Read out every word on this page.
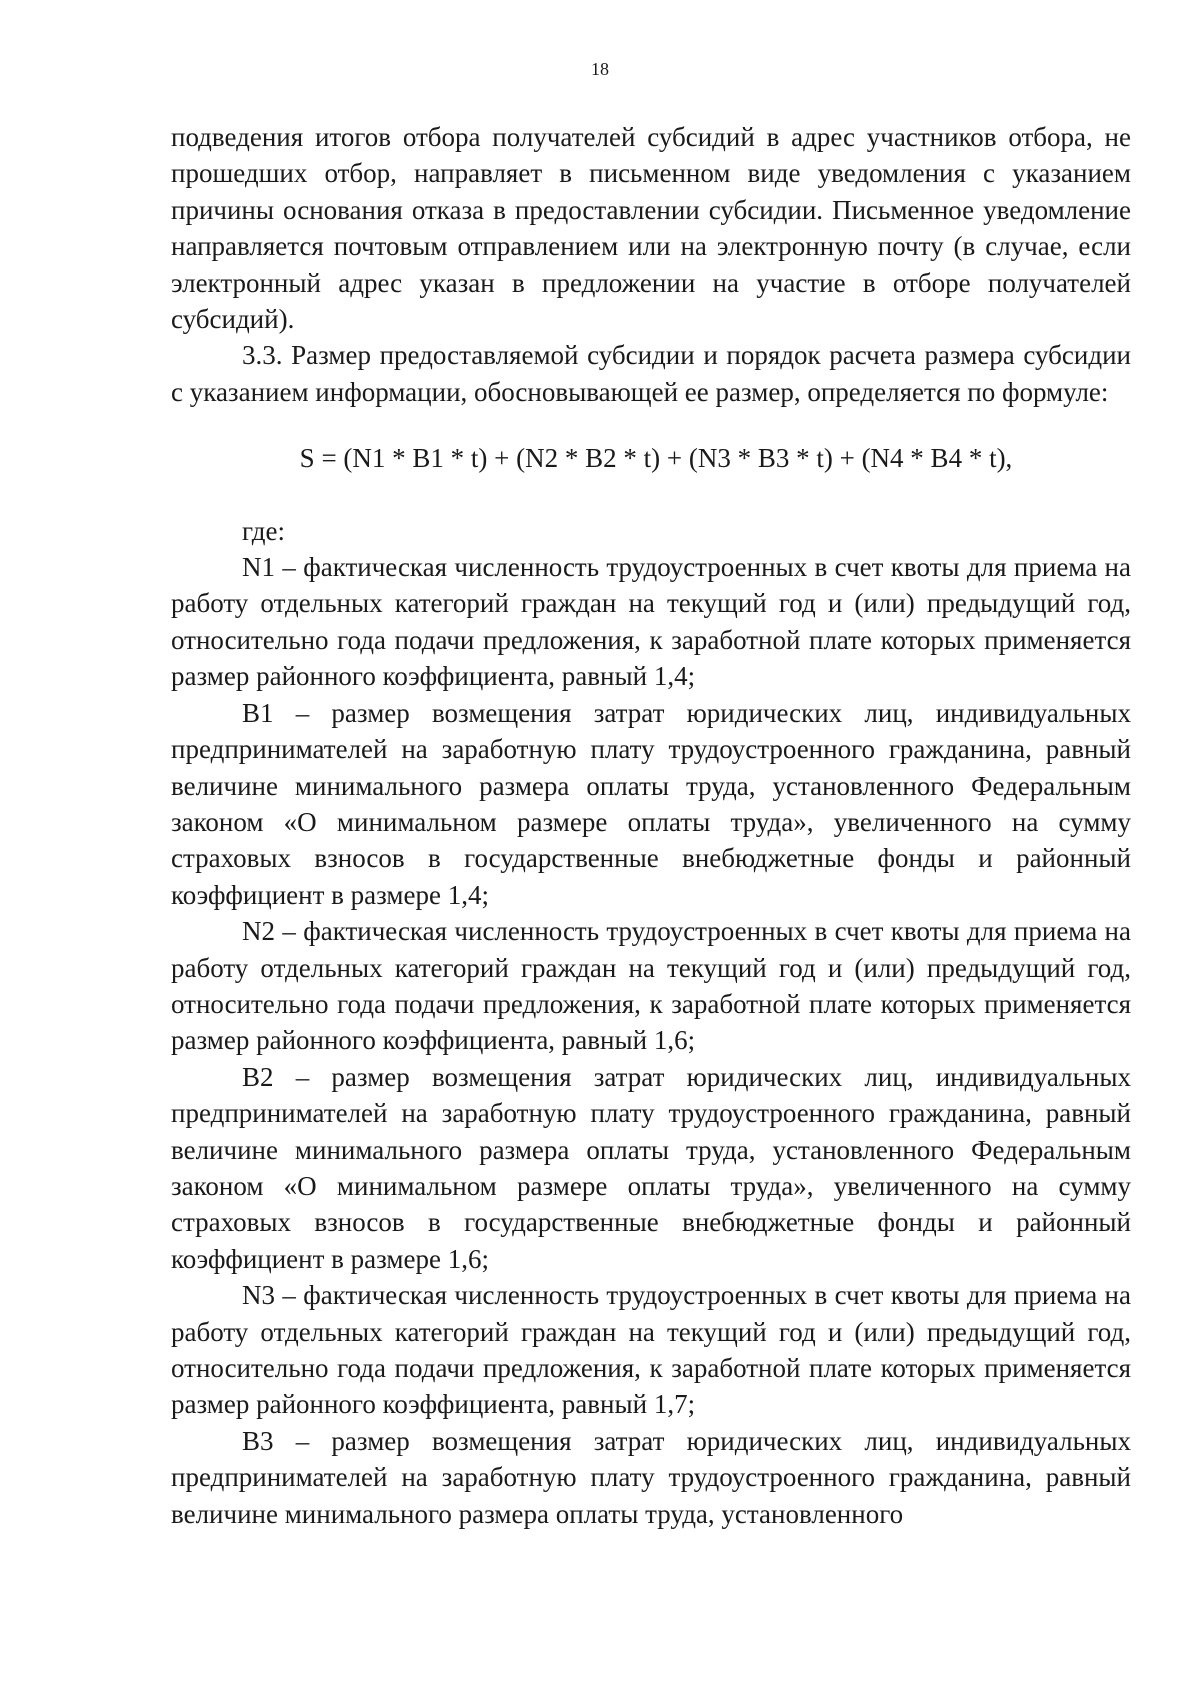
18

подведения итогов отбора получателей субсидий в адрес участников отбора, не прошедших отбор, направляет в письменном виде уведомления с указанием причины основания отказа в предоставлении субсидии. Письменное уведомление направляется почтовым отправлением или на электронную почту (в случае, если электронный адрес указан в предложении на участие в отборе получателей субсидий).

3.3. Размер предоставляемой субсидии и порядок расчета размера субсидии с указанием информации, обосновывающей ее размер, определяется по формуле:

S = (N1 * B1 * t) + (N2 * B2 * t) + (N3 * B3 * t) + (N4 * B4 * t),

где:

N1 – фактическая численность трудоустроенных в счет квоты для приема на работу отдельных категорий граждан на текущий год и (или) предыдущий год, относительно года подачи предложения, к заработной плате которых применяется размер районного коэффициента, равный 1,4;

B1 – размер возмещения затрат юридических лиц, индивидуальных предпринимателей на заработную плату трудоустроенного гражданина, равный величине минимального размера оплаты труда, установленного Федеральным законом «О минимальном размере оплаты труда», увеличенного на сумму страховых взносов в государственные внебюджетные фонды и районный коэффициент в размере 1,4;

N2 – фактическая численность трудоустроенных в счет квоты для приема на работу отдельных категорий граждан на текущий год и (или) предыдущий год, относительно года подачи предложения, к заработной плате которых применяется размер районного коэффициента, равный 1,6;

B2 – размер возмещения затрат юридических лиц, индивидуальных предпринимателей на заработную плату трудоустроенного гражданина, равный величине минимального размера оплаты труда, установленного Федеральным законом «О минимальном размере оплаты труда», увеличенного на сумму страховых взносов в государственные внебюджетные фонды и районный коэффициент в размере 1,6;

N3 – фактическая численность трудоустроенных в счет квоты для приема на работу отдельных категорий граждан на текущий год и (или) предыдущий год, относительно года подачи предложения, к заработной плате которых применяется размер районного коэффициента, равный 1,7;

B3 – размер возмещения затрат юридических лиц, индивидуальных предпринимателей на заработную плату трудоустроенного гражданина, равный величине минимального размера оплаты труда, установленного
